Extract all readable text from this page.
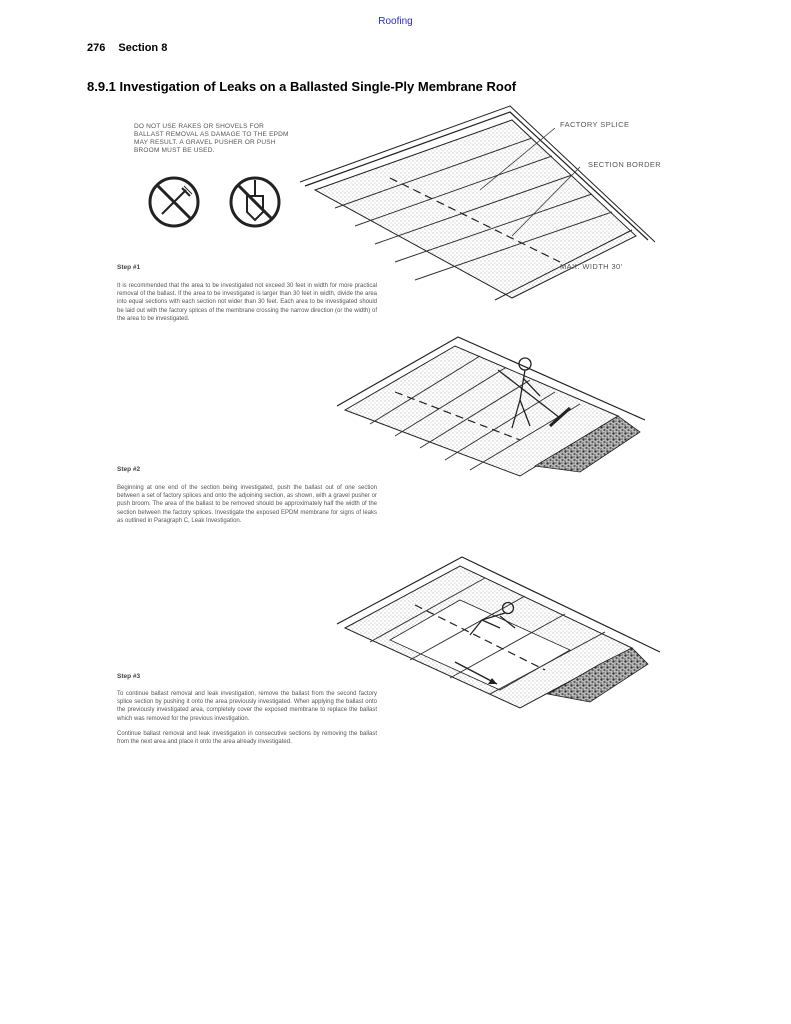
Roofing
276 Section 8
8.9.1 Investigation of Leaks on a Ballasted Single-Ply Membrane Roof
DO NOT USE RAKES OR SHOVELS FOR BALLAST REMOVAL AS DAMAGE TO THE EPDM MAY RESULT. A GRAVEL PUSHER OR PUSH BROOM MUST BE USED.
FACTORY SPLICE
SECTION BORDER
MAX. WIDTH 30'
Step #1

It is recommended that the area to be investigated not exceed 30 feet in width for more practical removal of the ballast. If the area to be investigated is larger than 30 feet in width, divide the area into equal sections with each section not wider than 30 feet. Each area to be investigated should be laid out with the factory splices of the membrane crossing the narrow direction (or the width) of the area to be investigated.

Step #2

Beginning at one end of the section being investigated, push the ballast out of one section between a set of factory splices and onto the adjoining section, as shown, with a gravel pusher or push broom. The area of the ballast to be removed should be approximately half the width of the section between the factory splices. Investigate the exposed EPDM membrane for signs of leaks as outlined in Paragraph C, Leak Investigation.

Step #3

To continue ballast removal and leak investigation, remove the ballast from the second factory splice section by pushing it onto the area previously investigated. When applying the ballast onto the previously investigated area, completely cover the exposed membrane to replace the ballast which was removed for the previous investigation.

Continue ballast removal and leak investigation in consecutive sections by removing the ballast from the next area and place it onto the area already investigated.
